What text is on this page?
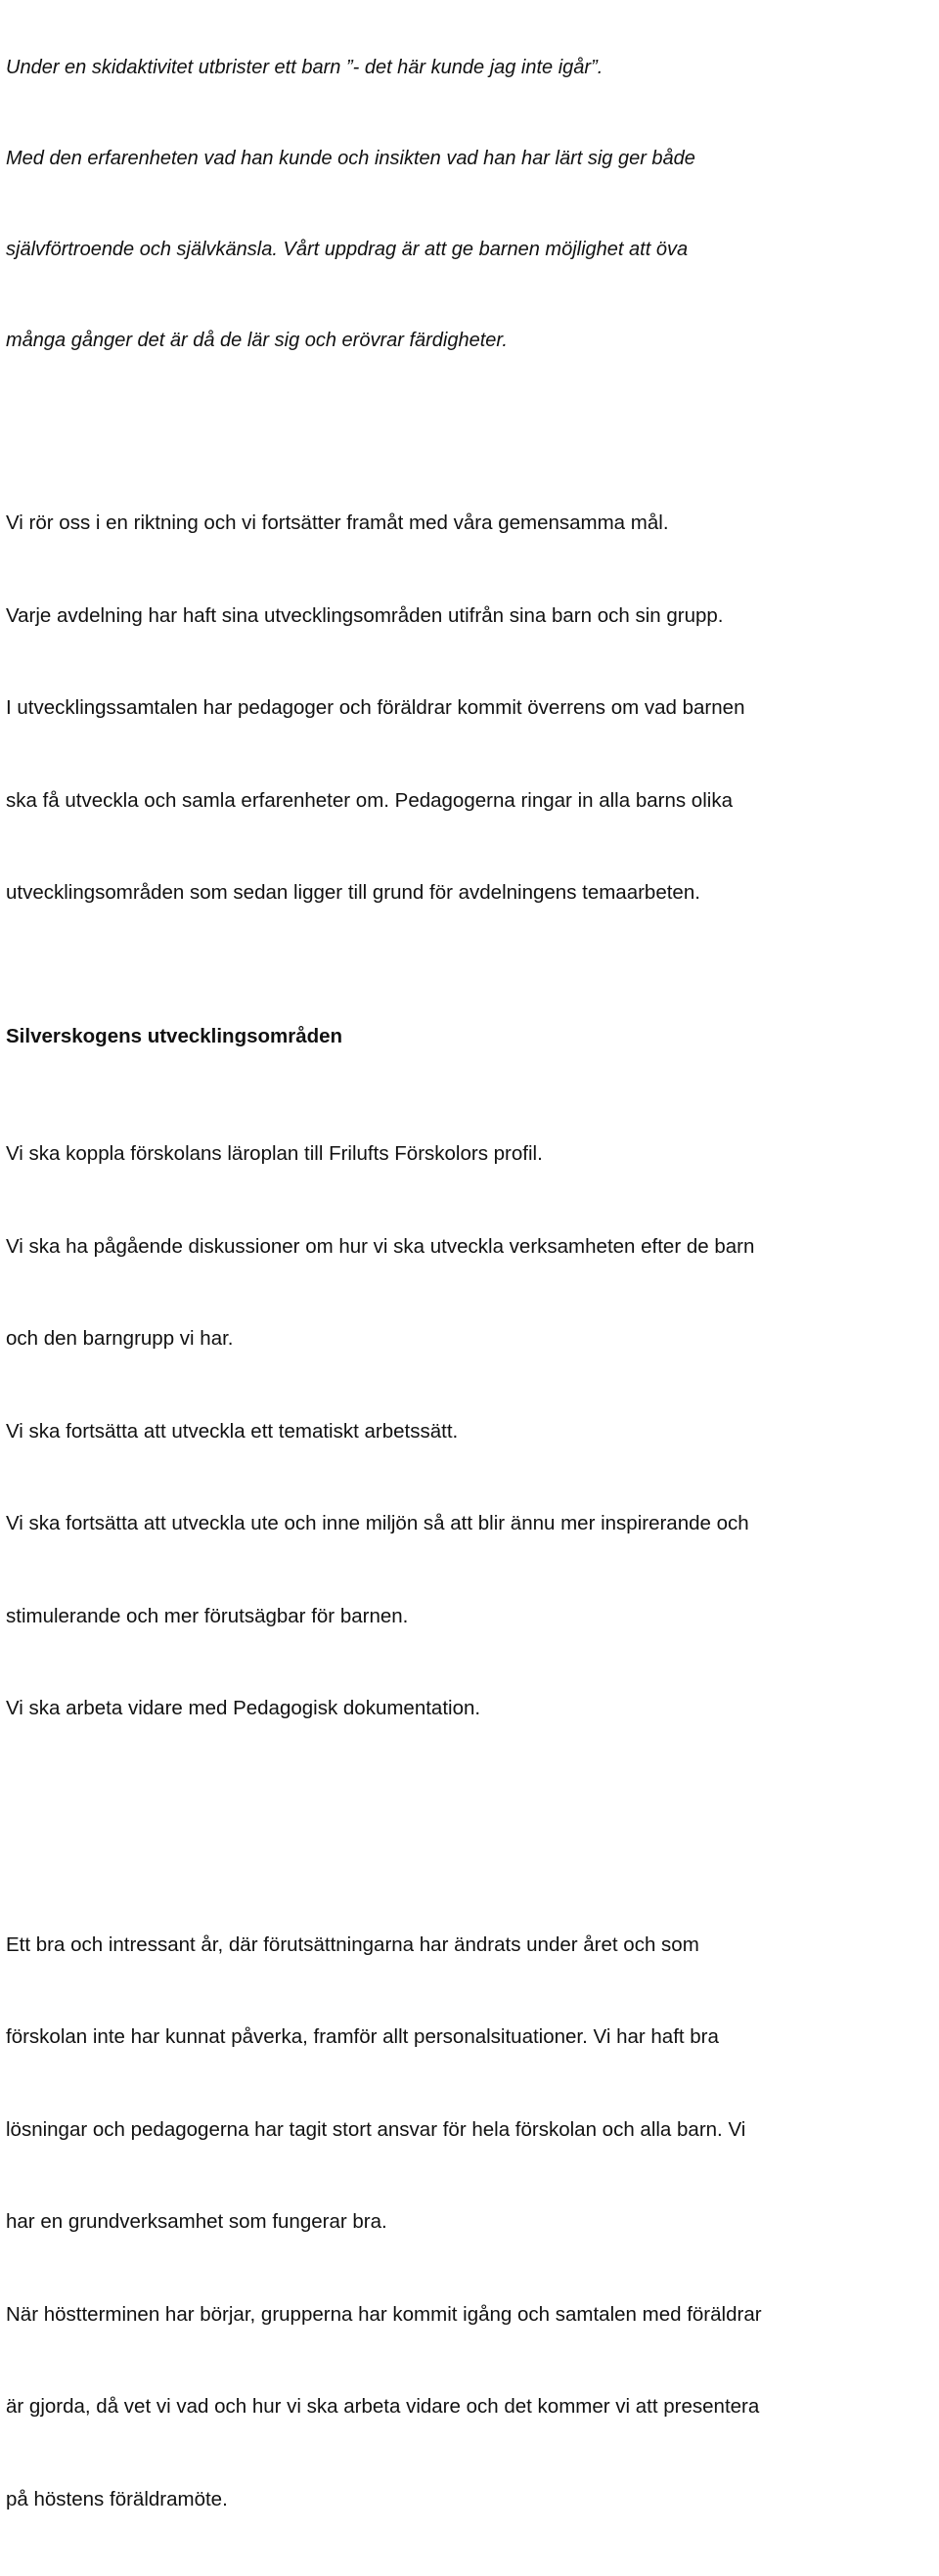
Under en skidaktivitet utbrister ett barn ”- det här kunde jag inte igår”.

Med den erfarenheten vad han kunde och insikten vad han har lärt sig ger både

självförtroende och självkänsla. Vårt uppdrag är att ge barnen möjlighet att öva

många gånger det är då de lär sig och erövrar färdigheter.

Vi rör oss i en riktning och vi fortsätter framåt med våra gemensamma mål.

Varje avdelning har haft sina utvecklingsområden utifrån sina barn och sin grupp.

I utvecklingssamtalen har pedagoger och föräldrar kommit överrens om vad barnen

ska få utveckla och samla erfarenheter om. Pedagogerna ringar in alla barns olika

utvecklingsområden som sedan ligger till grund för avdelningens temaarbeten.

Silverskogens utvecklingsområden

Vi ska koppla förskolans läroplan till Frilufts Förskolors profil.

Vi ska ha pågående diskussioner om hur vi ska utveckla verksamheten efter de barn

och den barngrupp vi har.

Vi ska fortsätta att utveckla ett tematiskt arbetssätt.

Vi ska fortsätta att utveckla ute och inne miljön så att blir ännu mer inspirerande och

stimulerande och mer förutsägbar för barnen.

Vi ska arbeta vidare med Pedagogisk dokumentation.

Ett bra och intressant år, där förutsättningarna har ändrats under året och som

förskolan inte har kunnat påverka, framför allt personalsituationer. Vi har haft bra

lösningar och pedagogerna har tagit stort ansvar för hela förskolan och alla barn. Vi

har en grundverksamhet som fungerar bra.

När höstterminen har börjar, grupperna har kommit igång och samtalen med föräldrar

är gjorda, då vet vi vad och hur vi ska arbeta vidare och det kommer vi att presentera

på höstens föräldramöte.
